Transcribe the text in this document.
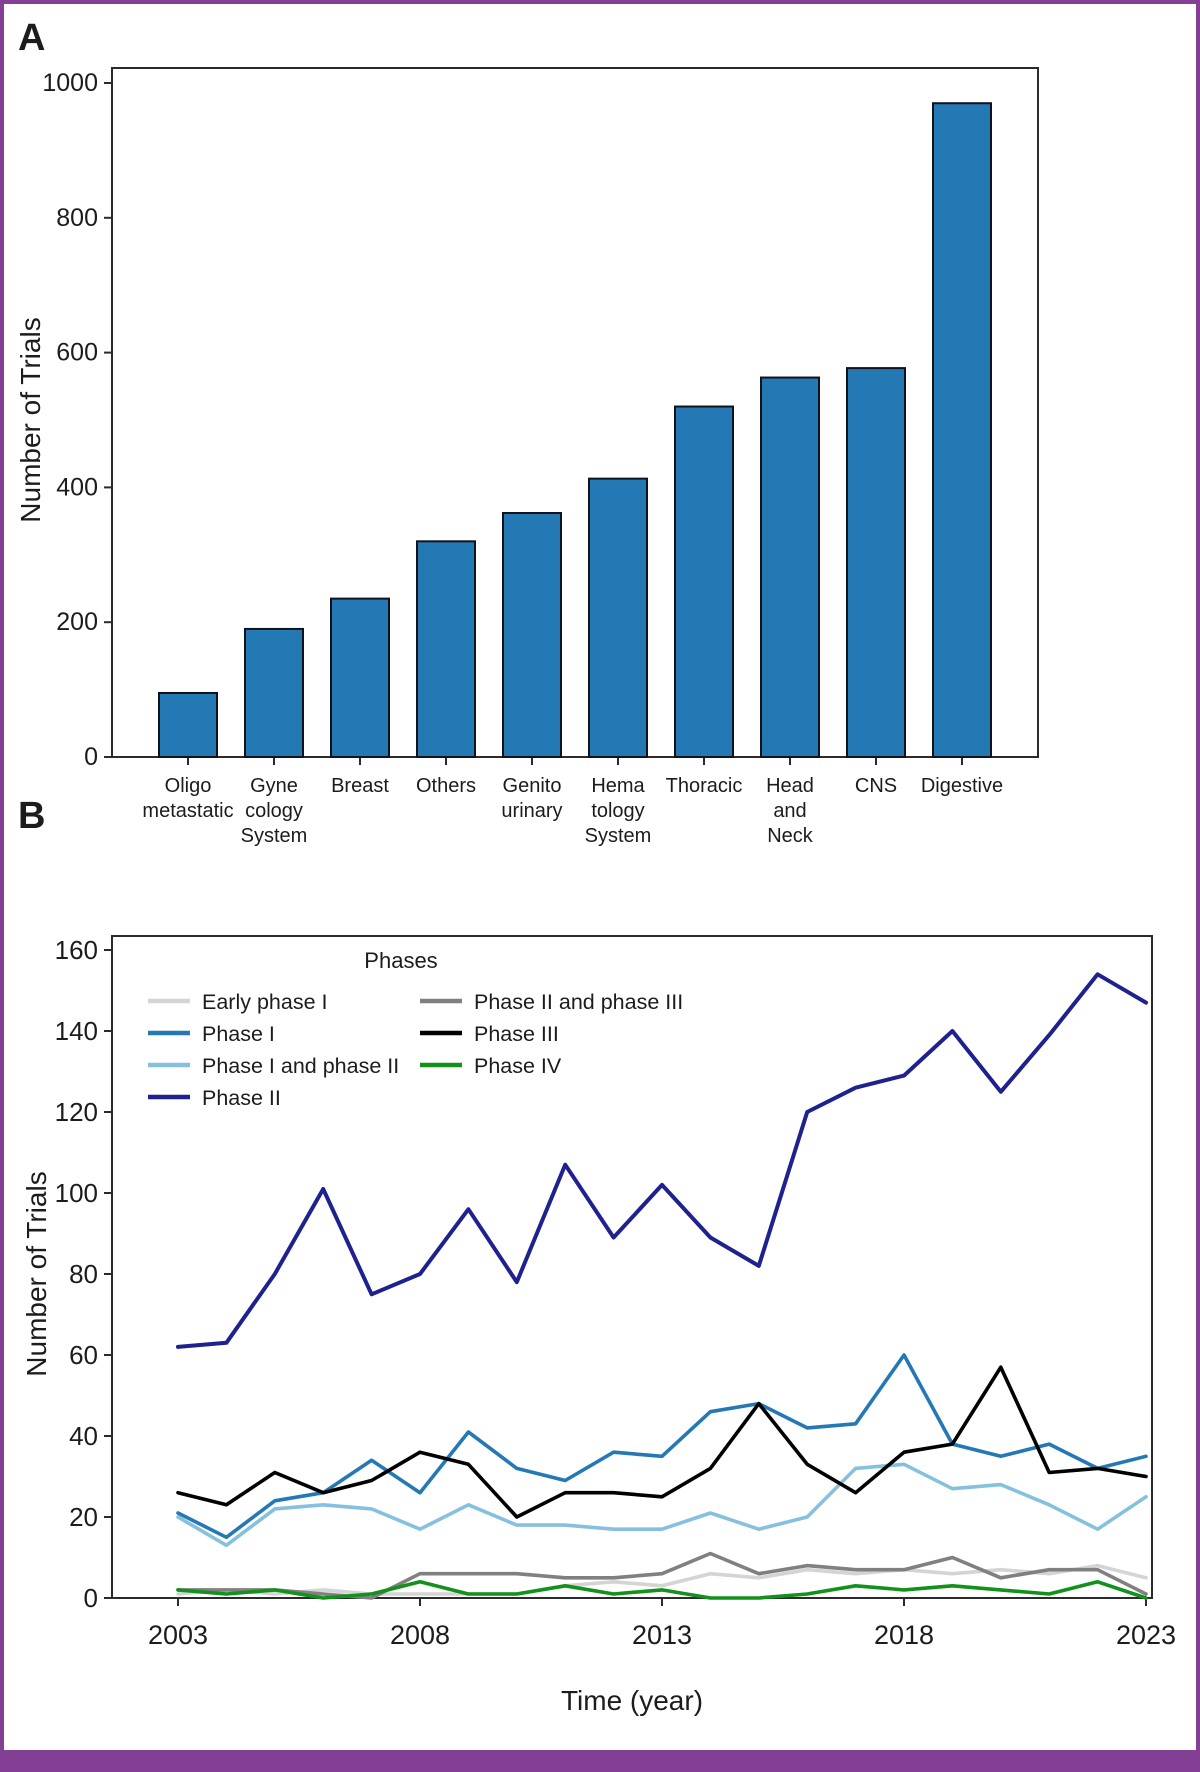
A
B
Number of Trials
Number of Trials
Time (year)
Phases
0
200
400
600
800
1000
Oligo
metastatic
Gyne
cology
System
Breast Others Genito
urinary
Hema
tology
System
Thoracic Head
and
Neck
CNS Digestive
0
20
40
60
80
100
120
140
160
2003	2008	2013	2018	2023
Early phase I
Phase I
Phase I and phase II
Phase II
Phase II and phase III
Phase III
Phase IV
